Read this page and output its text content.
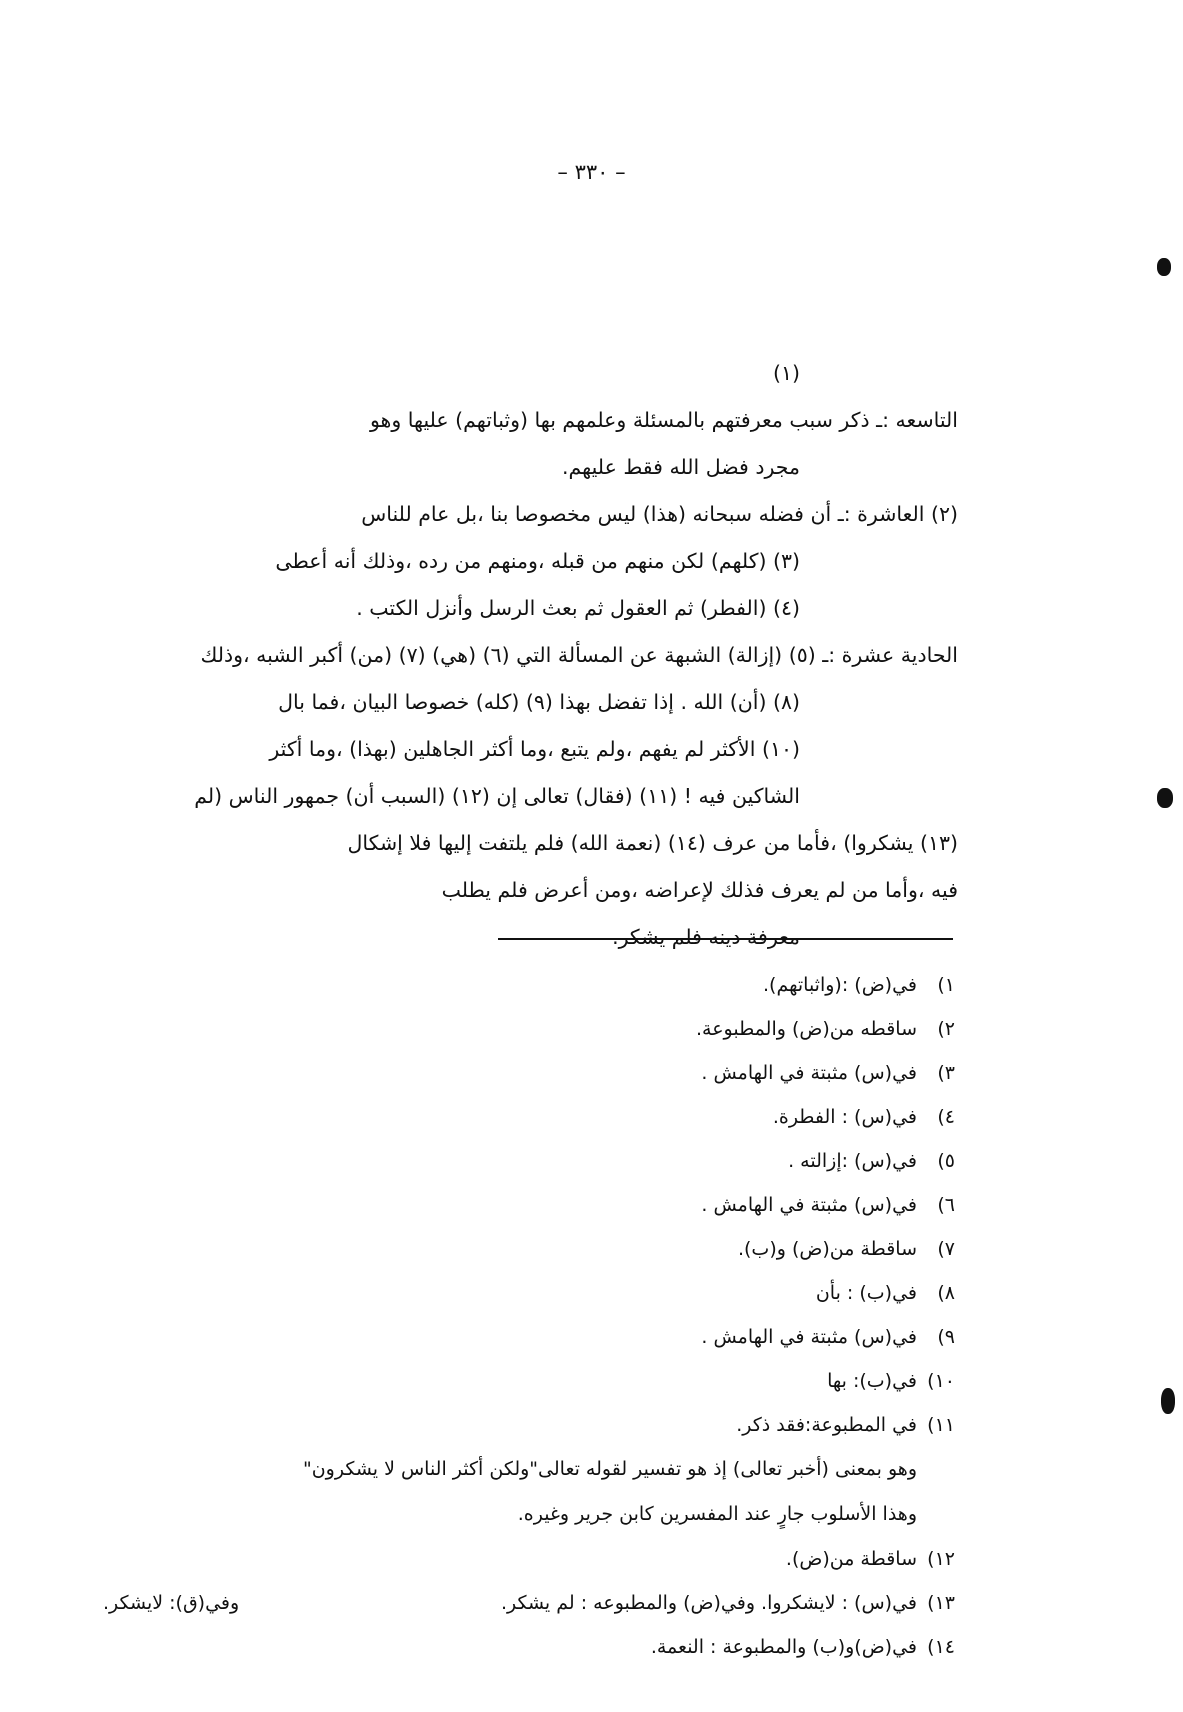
– ٣٣٠ –
(١)
التاسعه :ـ ذكر سبب معرفتهم بالمسئلة وعلمهم بها (وثباتهم) عليها وهو
مجرد فضل الله فقط عليهم.
(٢) العاشرة :ـ أن فضله سبحانه (هذا) ليس مخصوصا بنا ،بل عام للناس
(٣) (كلهم) لكن منهم من قبله ،ومنهم من رده ،وذلك أنه أعطى
(٤) (الفطر) ثم العقول ثم بعث الرسل وأنزل الكتب .
الحادية عشرة :ـ (٥) (إزالة) الشبهة عن المسألة التي (٦) (هي) (٧) (من) أكبر الشبه ،وذلك
(٨) (أن) الله . إذا تفضل بهذا (٩) (كله) خصوصا البيان ،فما بال
(١٠) الأكثر لم يفهم ،ولم يتبع ،وما أكثر الجاهلين (بهذا) ،وما أكثر
الشاكين فيه ! (١١) (فقال) تعالى إن (١٢) (السبب أن) جمهور الناس (لم
(١٣) يشكروا) ،فأما من عرف (١٤) (نعمة الله) فلم يلتفت إليها فلا إشكال
فيه ،وأما من لم يعرف فذلك لإعراضه ،ومن أعرض فلم يطلب
معرفة دينه فلم يشكر.
١)في(ض) :(واثباتهم).
٢)ساقطه من(ض) والمطبوعة.
٣)في(س) مثبتة في الهامش .
٤)في(س) : الفطرة.
٥)في(س) :إزالته .
٦)في(س) مثبتة في الهامش .
٧)ساقطة من(ض) و(ب).
٨)في(ب) : بأن
٩)في(س) مثبتة في الهامش .
١٠)في(ب): بها
١١)في المطبوعة:فقد ذكر.
وهو بمعنى (أخبر تعالى) إذ هو تفسير لقوله تعالى"ولكن أكثر الناس لا يشكرون"
وهذا الأسلوب جارٍ عند المفسرين كابن جرير وغيره.
١٢)ساقطة من(ض).
١٣)في(س) : لايشكروا. وفي(ض) والمطبوعه : لم يشكر.
وفي(ق): لايشكر.
١٤)في(ض)و(ب) والمطبوعة : النعمة.
